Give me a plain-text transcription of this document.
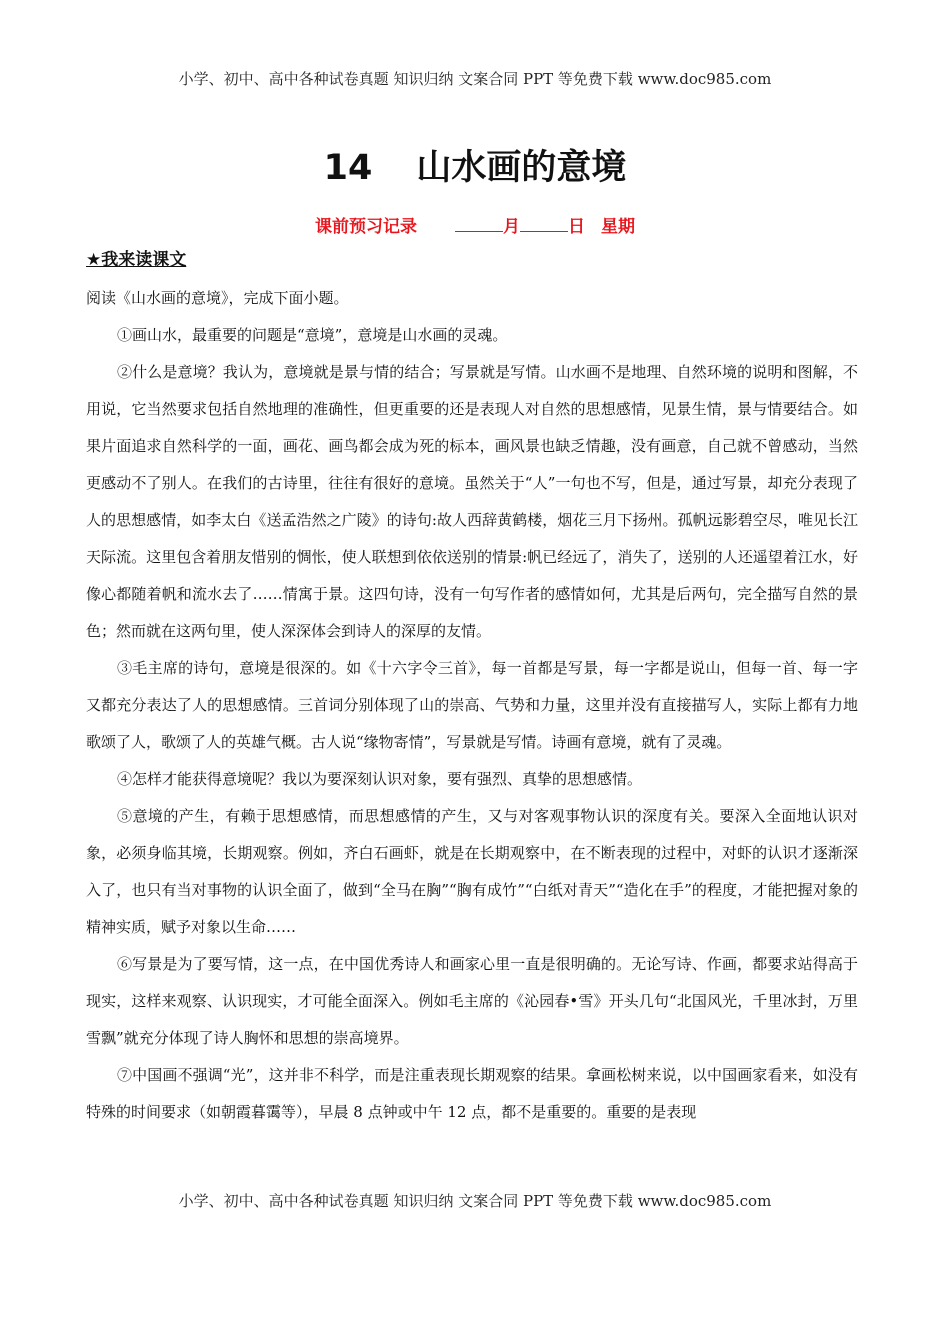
小学、初中、高中各种试卷真题 知识归纳 文案合同 PPT 等免费下载 www.doc985.com
14 山水画的意境
课前预习记录	月	日 星期
★我来读课文

阅读《山水画的意境》，完成下面小题。

①画山水，最重要的问题是“意境”，意境是山水画的灵魂。

②什么是意境？我认为，意境就是景与情的结合；写景就是写情。山水画不是地理、自然环境的说明和图解，不用说，它当然要求包括自然地理的准确性，但更重要的还是表现人对自然的思想感情，见景生情，景与情要结合。如果片面追求自然科学的一面，画花、画鸟都会成为死的标本，画风景也缺乏情趣，没有画意，自己就不曾感动，当然更感动不了别人。在我们的古诗里，往往有很好的意境。虽然关于“人”一句也不写，但是，通过写景，却充分表现了人的思想感情，如李太白《送孟浩然之广陵》的诗句:故人西辞黄鹤楼，烟花三月下扬州。孤帆远影碧空尽，唯见长江天际流。这里包含着朋友惜别的惆怅，使人联想到依依送别的情景:帆已经远了，消失了，送别的人还遥望着江水，好像心都随着帆和流水去了……情寓于景。这四句诗，没有一句写作者的感情如何，尤其是后两句，完全描写自然的景色；然而就在这两句里，使人深深体会到诗人的深厚的友情。

③毛主席的诗句，意境是很深的。如《十六字令三首》，每一首都是写景，每一字都是说山，但每一首、每一字又都充分表达了人的思想感情。三首词分别体现了山的崇高、气势和力量，这里并没有直接描写人，实际上都有力地歌颂了人，歌颂了人的英雄气概。古人说“缘物寄情”，写景就是写情。诗画有意境，就有了灵魂。

④怎样才能获得意境呢？我以为要深刻认识对象，要有强烈、真挚的思想感情。

⑤意境的产生，有赖于思想感情，而思想感情的产生，又与对客观事物认识的深度有关。要深入全面地认识对象，必须身临其境，长期观察。例如，齐白石画虾，就是在长期观察中，在不断表现的过程中，对虾的认识才逐渐深入了，也只有当对事物的认识全面了，做到“全马在胸”“胸有成竹”“白纸对青天”“造化在手”的程度，才能把握对象的精神实质，赋予对象以生命……

⑥写景是为了要写情，这一点，在中国优秀诗人和画家心里一直是很明确的。无论写诗、作画，都要求站得高于现实，这样来观察、认识现实，才可能全面深入。例如毛主席的《沁园春•雪》开头几句“北国风光，千里冰封，万里雪飘”就充分体现了诗人胸怀和思想的崇高境界。

⑦中国画不强调“光”，这并非不科学，而是注重表现长期观察的结果。拿画松树来说，以中国画家看来，如没有特殊的时间要求（如朝霞暮霭等），早晨 8 点钟或中午 12 点，都不是重要的。重要的是表现

小学、初中、高中各种试卷真题 知识归纳 文案合同 PPT 等免费下载 www.doc985.com
